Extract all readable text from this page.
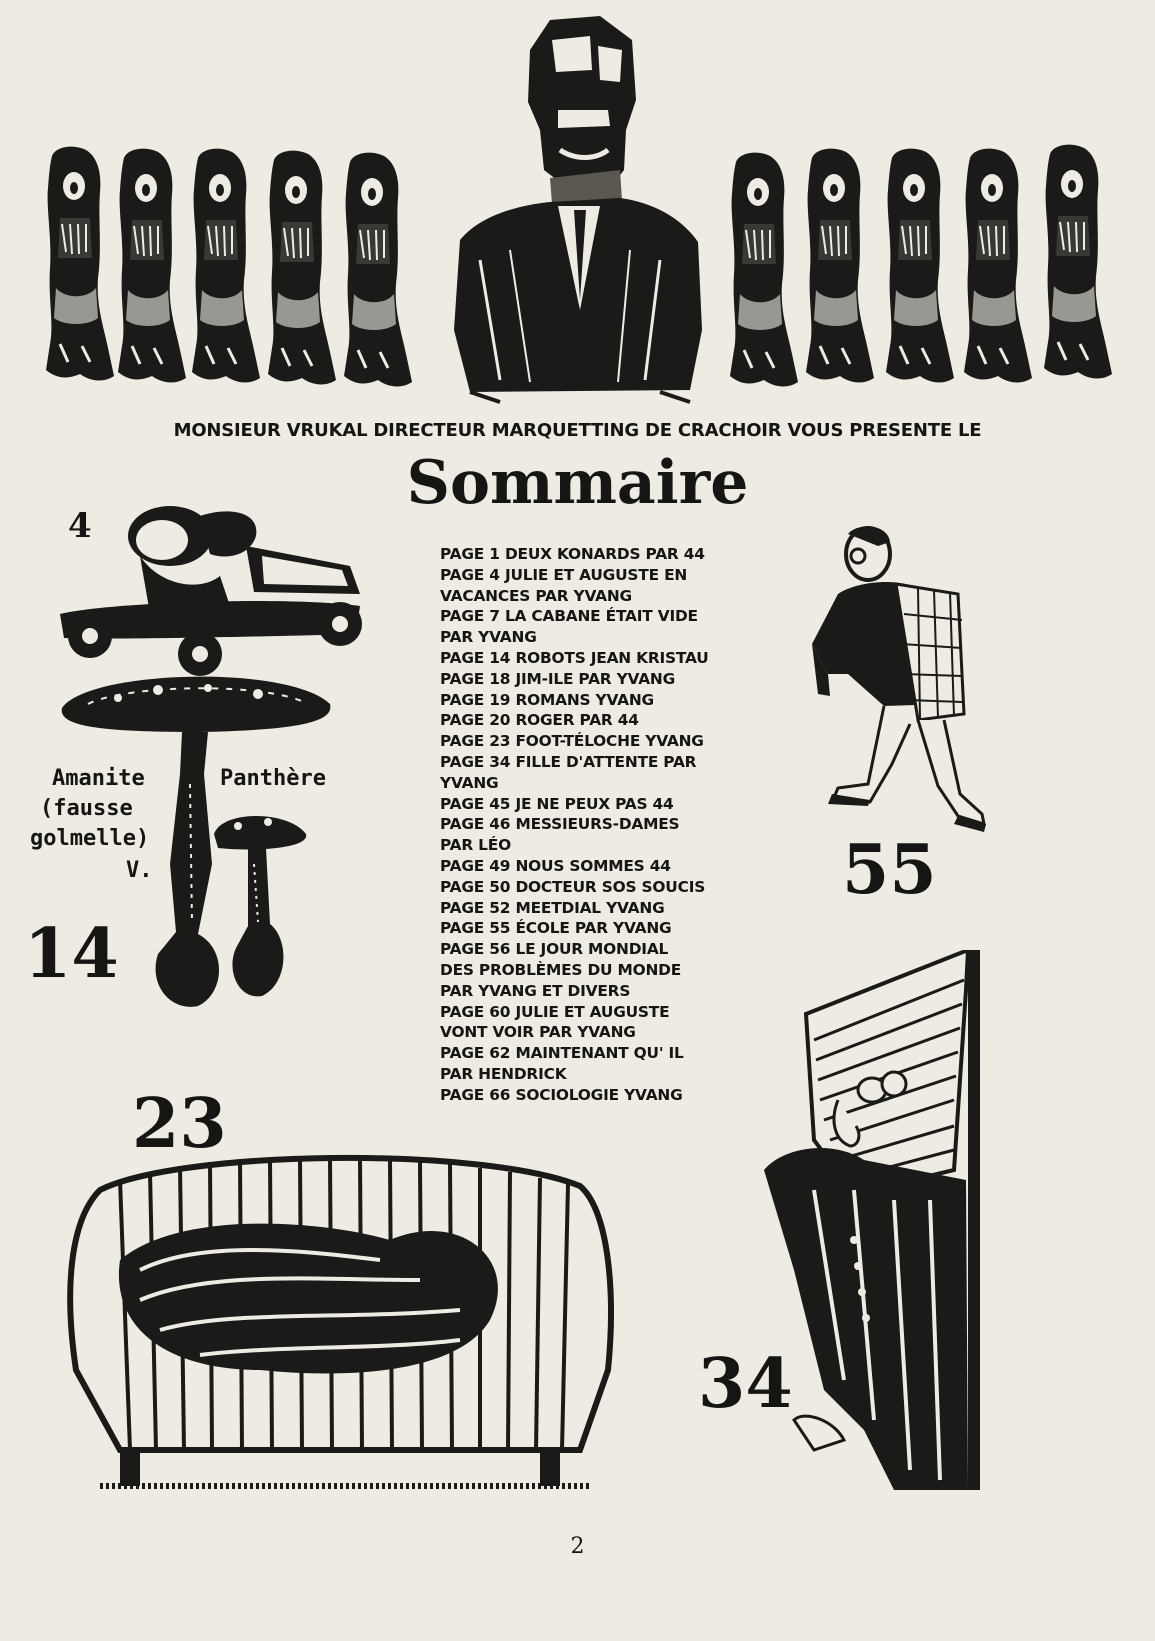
MONSIEUR VRUKAL DIRECTEUR MARQUETTING DE CRACHOIR VOUS PRESENTE LE
Sommaire
4
Amanite	Panthère
(fausse
golmelle)
V.
14
PAGE 1 DEUX KONARDS PAR 44
PAGE 4 JULIE ET AUGUSTE EN
VACANCES PAR YVANG
PAGE 7 LA CABANE ÉTAIT VIDE
PAR YVANG
PAGE 14 ROBOTS JEAN KRISTAU
PAGE 18 JIM-ILE PAR YVANG
PAGE 19 ROMANS YVANG
PAGE 20 ROGER PAR 44
PAGE 23 FOOT-TÉLOCHE YVANG
PAGE 34 FILLE D'ATTENTE PAR
YVANG
PAGE 45 JE NE PEUX PAS 44
PAGE 46 MESSIEURS-DAMES
PAR LÉO
PAGE 49 NOUS SOMMES 44
PAGE 50 DOCTEUR SOS SOUCIS
PAGE 52 MEETDIAL YVANG
PAGE 55 ÉCOLE PAR YVANG
PAGE 56 LE JOUR MONDIAL
DES PROBLÈMES DU MONDE
PAR YVANG ET DIVERS
PAGE 60 JULIE ET AUGUSTE
VONT VOIR PAR YVANG
PAGE 62 MAINTENANT QU' IL
PAR HENDRICK
PAGE 66 SOCIOLOGIE YVANG
55
34
23
2
